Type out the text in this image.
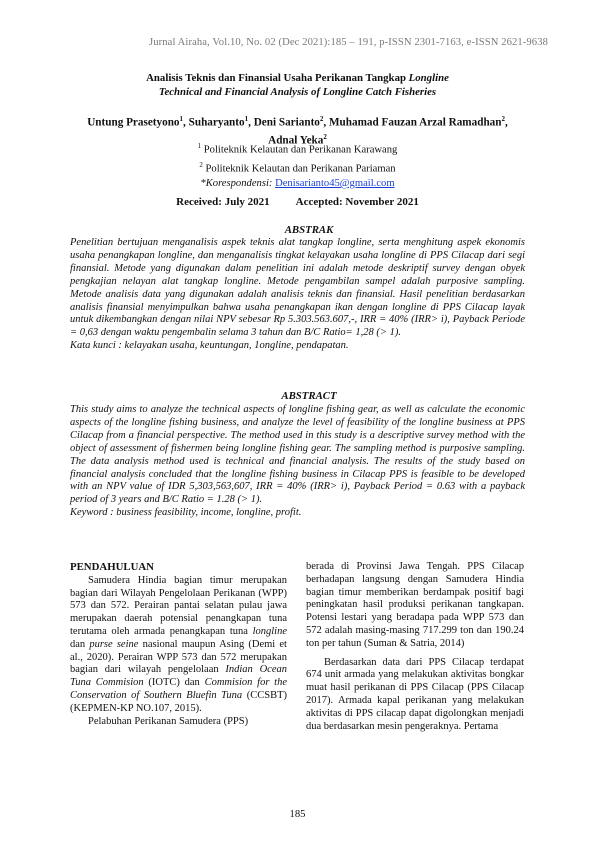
Jurnal Airaha, Vol.10, No. 02 (Dec 2021):185 – 191, p-ISSN 2301-7163, e-ISSN 2621-9638
Analisis Teknis dan Finansial Usaha Perikanan Tangkap Longline
Technical and Financial Analysis of Longline Catch Fisheries
Untung Prasetyono$^1$, Suharyanto$^1$, Deni Sarianto$^2$, Muhamad Fauzan Arzal Ramadhan$^2$,
Adnal Yeka$^2$
$^1$ Politeknik Kelautan dan Perikanan Karawang
$^2$ Politeknik Kelautan dan Perikanan Pariaman
*Korespondensi: Denisarianto45@gmail.com
Received: July 2021 Accepted: November 2021
ABSTRAK
Penelitian bertujuan menganalisis aspek teknis alat tangkap longline, serta menghitung aspek ekonomis usaha penangkapan longline, dan menganalisis tingkat kelayakan usaha longline di PPS Cilacap dari segi finansial. Metode yang digunakan dalam penelitian ini adalah metode deskriptif survey dengan obyek pengkajian nelayan alat tangkap longline. Metode pengambilan sampel adalah purposive sampling. Metode analisis data yang digunakan adalah analisis teknis dan finansial. Hasil penelitian berdasarkan analisis finansial menyimpulkan bahwa usaha penangkapan ikan dengan longline di PPS Cilacap layak untuk dikembangkan dengan nilai NPV sebesar Rp 5.303.563.607,-, IRR = 40% (IRR> i), Payback Periode = 0,63 dengan waktu pengembalin selama 3 tahun dan B/C Ratio= 1,28 (> 1).
Kata kunci : kelayakan usaha, keuntungan, 1ongline, pendapatan.
ABSTRACT
This study aims to analyze the technical aspects of longline fishing gear, as well as calculate the economic aspects of the longline fishing business, and analyze the level of feasibility of the longline business at PPS Cilacap from a financial perspective. The method used in this study is a descriptive survey method with the object of assessment of fishermen being longline fishing gear. The sampling method is purposive sampling. The data analysis method used is technical and financial analysis. The results of the study based on financial analysis concluded that the longline fishing business in Cilacap PPS is feasible to be developed with an NPV value of IDR 5,303,563,607, IRR = 40% (IRR> i), Payback Period = 0.63 with a payback period of 3 years and B/C Ratio = 1.28 (> 1).
Keyword : business feasibility, income, longline, profit.
PENDAHULUAN

Samudera Hindia bagian timur merupakan bagian dari Wilayah Pengelolaan Perikanan (WPP) 573 dan 572. Perairan pantai selatan pulau jawa merupakan daerah potensial penangkapan tuna terutama oleh armada penangkapan tuna longline dan purse seine nasional maupun Asing (Demi et al., 2020). Perairan WPP 573 dan 572 merupakan bagian dari wilayah pengelolaan Indian Ocean Tuna Commision (IOTC) dan Commision for the Conservation of Southern Bluefin Tuna (CCSBT) (KEPMEN-KP NO.107, 2015).

Pelabuhan Perikanan Samudera (PPS)

berada di Provinsi Jawa Tengah. PPS Cilacap berhadapan langsung dengan Samudera Hindia bagian timur memberikan berdampak positif bagi peningkatan hasil produksi perikanan tangkapan. Potensi lestari yang beradapa pada WPP 573 dan 572 adalah masing-masing 717.299 ton dan 190.24 ton per tahun (Suman & Satria, 2014)

Berdasarkan data dari PPS Cilacap terdapat 674 unit armada yang melakukan aktivitas bongkar muat hasil perikanan di PPS Cilacap (PPS Cilacap 2017). Armada kapal perikanan yang melakukan aktivitas di PPS cilacap dapat digolongkan menjadi dua berdasarkan mesin pengeraknya. Pertama

185
